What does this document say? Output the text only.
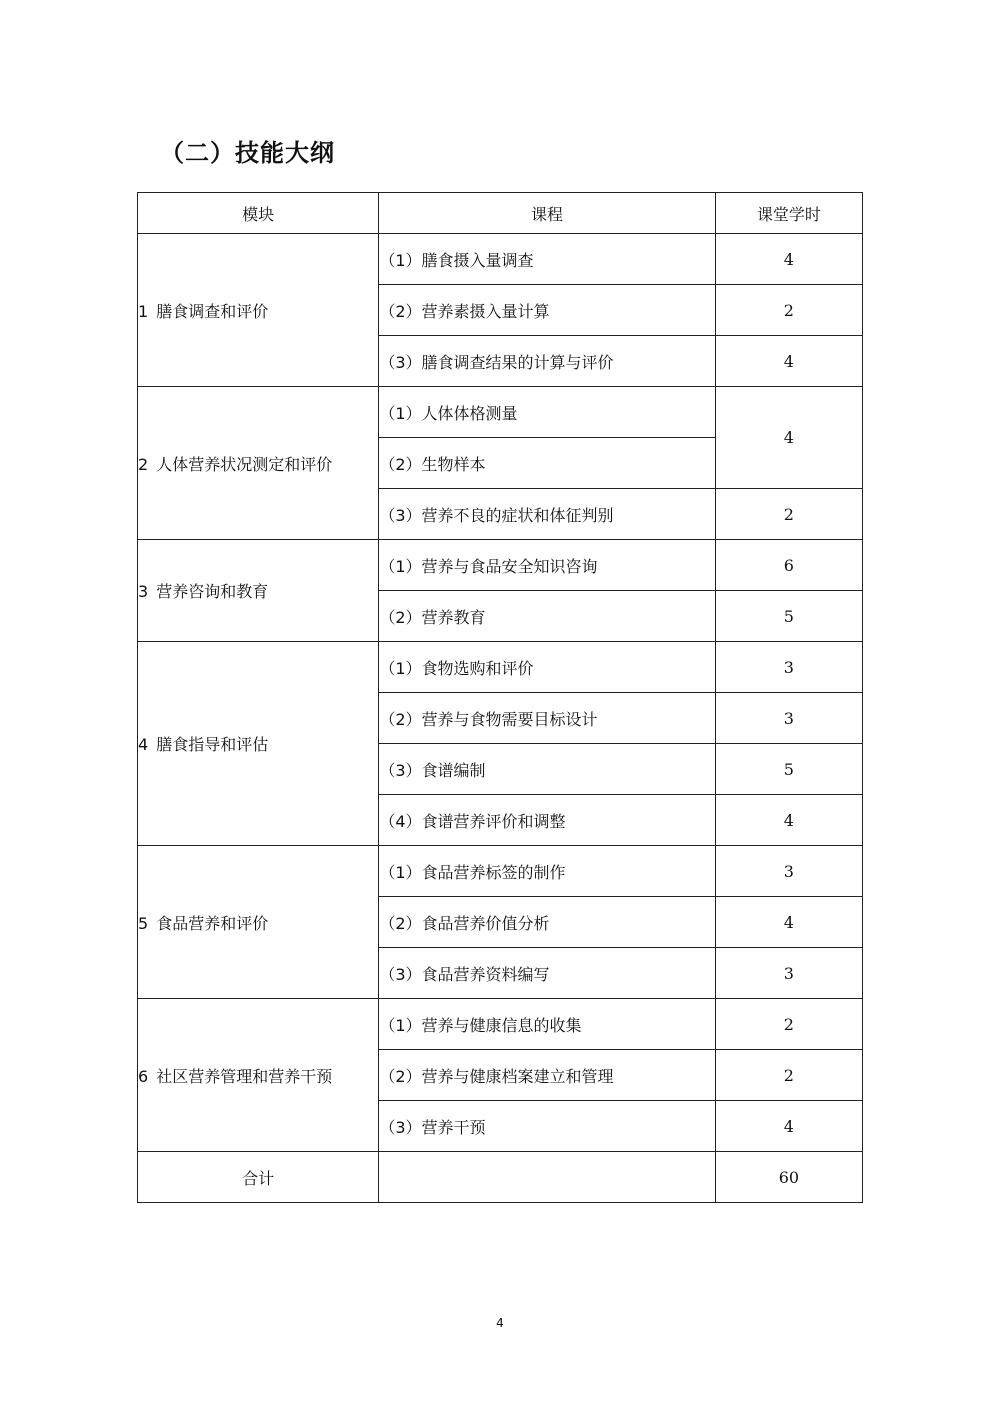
（二）技能大纲
模块	课程	课堂学时
1 膳食调查和评价	（1）膳食摄入量调查	4
	（2）营养素摄入量计算	2
	（3）膳食调查结果的计算与评价	4
2 人体营养状况测定和评价	（1）人体体格测量	4
	（2）生物样本	
	（3）营养不良的症状和体征判别	2
3 营养咨询和教育	（1）营养与食品安全知识咨询	6
	（2）营养教育	5
4 膳食指导和评估	（1）食物选购和评价	3
	（2）营养与食物需要目标设计	3
	（3）食谱编制	5
	（4）食谱营养评价和调整	4
5 食品营养和评价	（1）食品营养标签的制作	3
	（2）食品营养价值分析	4
	（3）食品营养资料编写	3
6 社区营养管理和营养干预	（1）营养与健康信息的收集	2
	（2）营养与健康档案建立和管理	2
	（3）营养干预	4
合计		60
4
